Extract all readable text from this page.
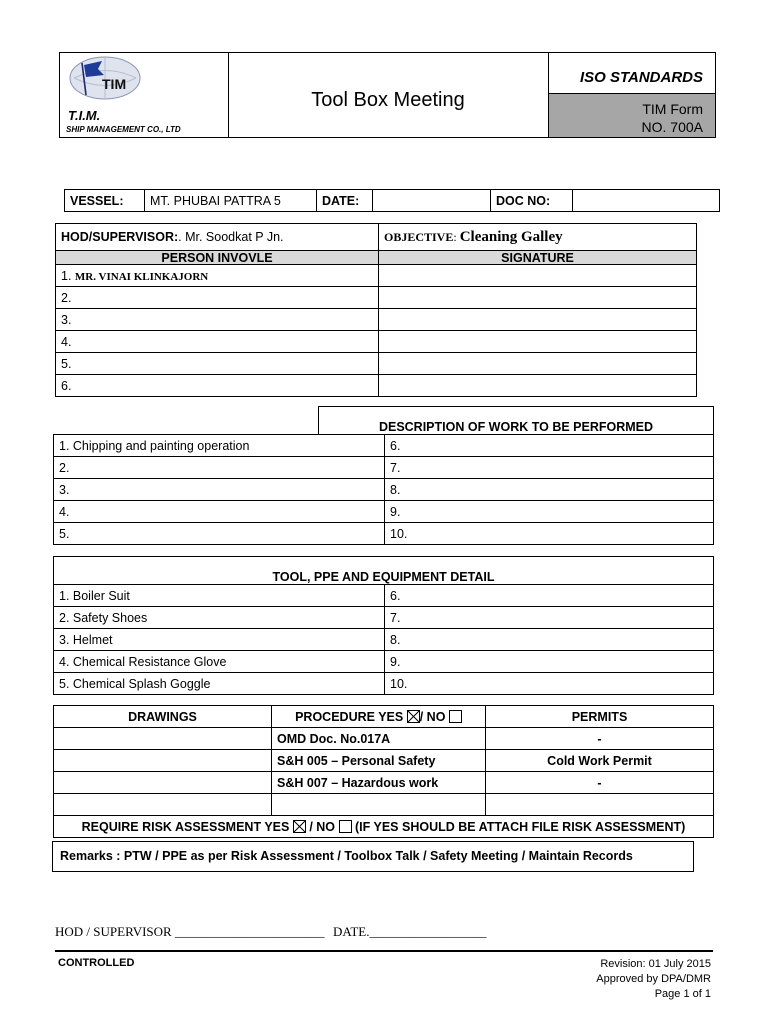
TIM
T.I.M.
SHIP MANAGEMENT CO., LTD
Tool Box Meeting
ISO STANDARDS
TIM Form
NO. 700A
VESSEL:	MT. PHUBAI PATTRA 5	DATE:		DOC NO:	
HOD/SUPERVISOR:. Mr. Soodkat P Jn.	OBJECTIVE: Cleaning Galley
PERSON INVOVLE	SIGNATURE
1. MR. VINAI KLINKAJORN	
2.	
3.	
4.	
5.	
6.	
DESCRIPTION OF WORK TO BE PERFORMED
1. Chipping and painting operation	6.
2.	7.
3.	8.
4.	9.
5.	10.
TOOL, PPE AND EQUIPMENT DETAIL
1. Boiler Suit	6.
2. Safety Shoes	7.
3. Helmet	8.
4. Chemical Resistance Glove	9.
5. Chemical Splash Goggle	10.
DRAWINGS	PROCEDURE YES / NO	PERMITS
	OMD Doc. No.017A	-
	S&H 005 – Personal Safety	Cold Work Permit
	S&H 007 – Hazardous work	-

REQUIRE RISK ASSESSMENT YES / NO (IF YES SHOULD BE ATTACH FILE RISK ASSESSMENT)		
Remarks : PTW / PPE as per Risk Assessment / Toolbox Talk / Safety Meeting / Maintain Records
HOD / SUPERVISOR _______________________ DATE.__________________
CONTROLLED	Revision: 01 July 2015
Approved by DPA/DMR
Page 1 of 1
